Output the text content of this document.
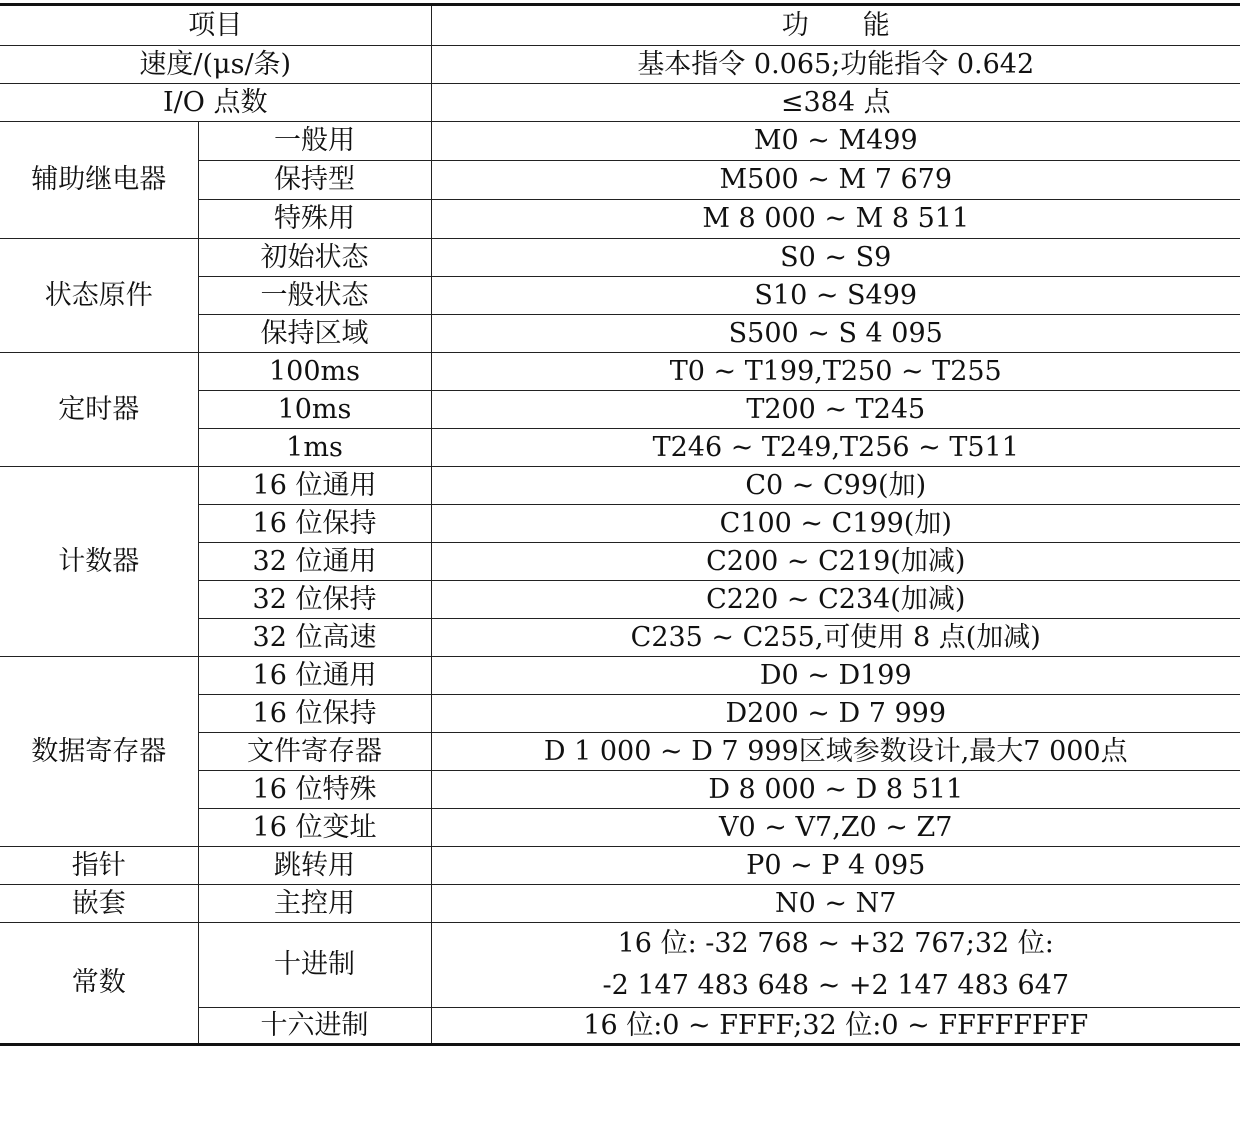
项目		功　　能
速度/(μs/条)		基本指令 0.065;功能指令 0.642
I/O 点数		≤384 点
辅助继电器	一般用	M0 ~ M499
	保持型	M500 ~ M 7 679
	特殊用	M 8 000 ~ M 8 511
状态原件	初始状态	S0 ~ S9
	一般状态	S10 ~ S499
	保持区域	S500 ~ S 4 095
定时器	100ms	T0 ~ T199,T250 ~ T255
	10ms	T200 ~ T245
	1ms	T246 ~ T249,T256 ~ T511
计数器	16 位通用	C0 ~ C99(加)
	16 位保持	C100 ~ C199(加)
	32 位通用	C200 ~ C219(加减)
	32 位保持	C220 ~ C234(加减)
	32 位高速	C235 ~ C255,可使用 8 点(加减)
数据寄存器	16 位通用	D0 ~ D199
	16 位保持	D200 ~ D 7 999
	文件寄存器	D 1 000 ~ D 7 999区域参数设计,最大7 000点
	16 位特殊	D 8 000 ~ D 8 511
	16 位变址	V0 ~ V7,Z0 ~ Z7
指针	跳转用	P0 ~ P 4 095
嵌套	主控用	N0 ~ N7
常数	十进制	16 位: -32 768 ~ +32 767;32 位:
-2 147 483 648 ~ +2 147 483 647

	十六进制	16 位:0 ~ FFFF;32 位:0 ~ FFFFFFFF
